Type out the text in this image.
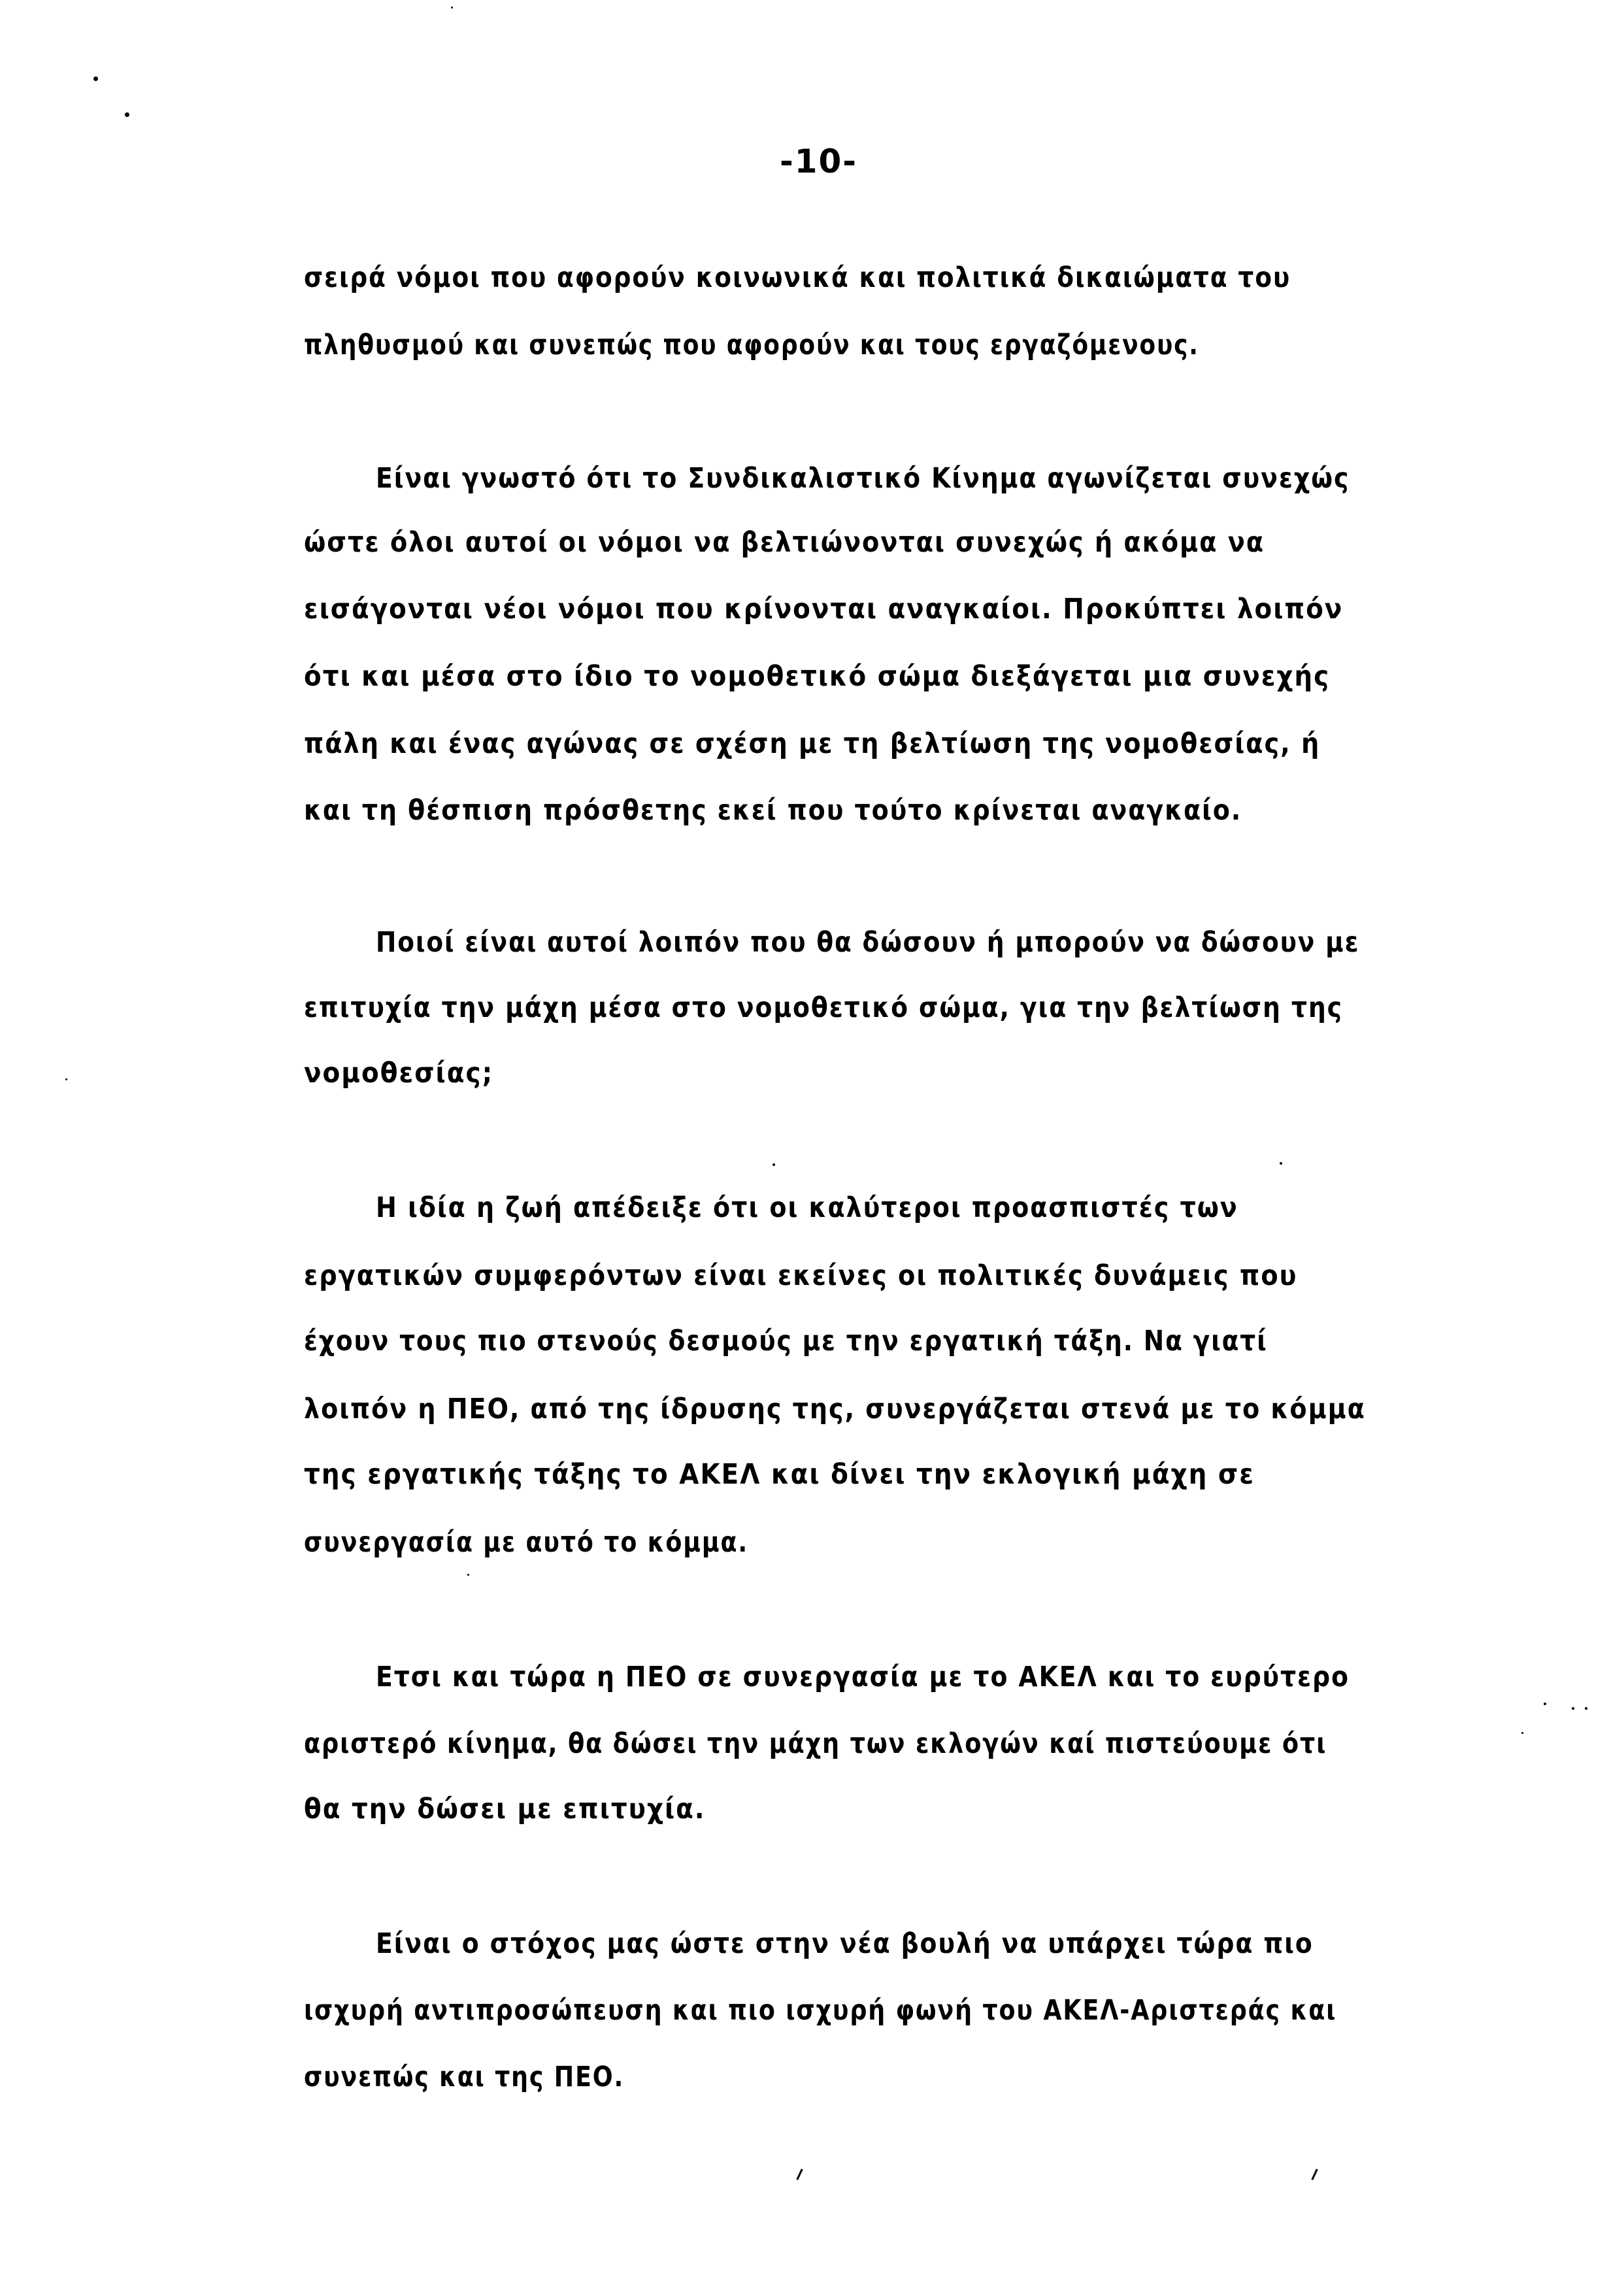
-10-
σειρά νόμοι που αφορούν κοινωνικά και πολιτικά δικαιώματα του
πληθυσμού και συνεπώς που αφορούν και τους εργαζόμενους.
Είναι γνωστό ότι το Συνδικαλιστικό Κίνημα αγωνίζεται συνεχώς
ώστε όλοι αυτοί οι νόμοι να βελτιώνονται συνεχώς ή ακόμα να
εισάγονται νέοι νόμοι που κρίνονται αναγκαίοι. Προκύπτει λοιπόν
ότι και μέσα στο ίδιο το νομοθετικό σώμα διεξάγεται μια συνεχής
πάλη και ένας αγώνας σε σχέση με τη βελτίωση της νομοθεσίας, ή
και τη θέσπιση πρόσθετης εκεί που τούτο κρίνεται αναγκαίο.
Ποιοί είναι αυτοί λοιπόν που θα δώσουν ή μπορούν να δώσουν με
επιτυχία την μάχη μέσα στο νομοθετικό σώμα, για την βελτίωση της
νομοθεσίας;
Η ιδία η ζωή απέδειξε ότι οι καλύτεροι προασπιστές των
εργατικών συμφερόντων είναι εκείνες οι πολιτικές δυνάμεις που
έχουν τους πιο στενούς δεσμούς με την εργατική τάξη. Να γιατί
λοιπόν η ΠΕΟ, από της ίδρυσης της, συνεργάζεται στενά με το κόμμα
της εργατικής τάξης το ΑΚΕΛ και δίνει την εκλογική μάχη σε
συνεργασία με αυτό το κόμμα.
Ετσι και τώρα η ΠΕΟ σε συνεργασία με το ΑΚΕΛ και το ευρύτερο
αριστερό κίνημα, θα δώσει την μάχη των εκλογών καί πιστεύουμε ότι
θα την δώσει με επιτυχία.
Είναι ο στόχος μας ώστε στην νέα βουλή να υπάρχει τώρα πιο
ισχυρή αντιπροσώπευση και πιο ισχυρή φωνή του ΑΚΕΛ-Αριστεράς και
συνεπώς και της ΠΕΟ.
